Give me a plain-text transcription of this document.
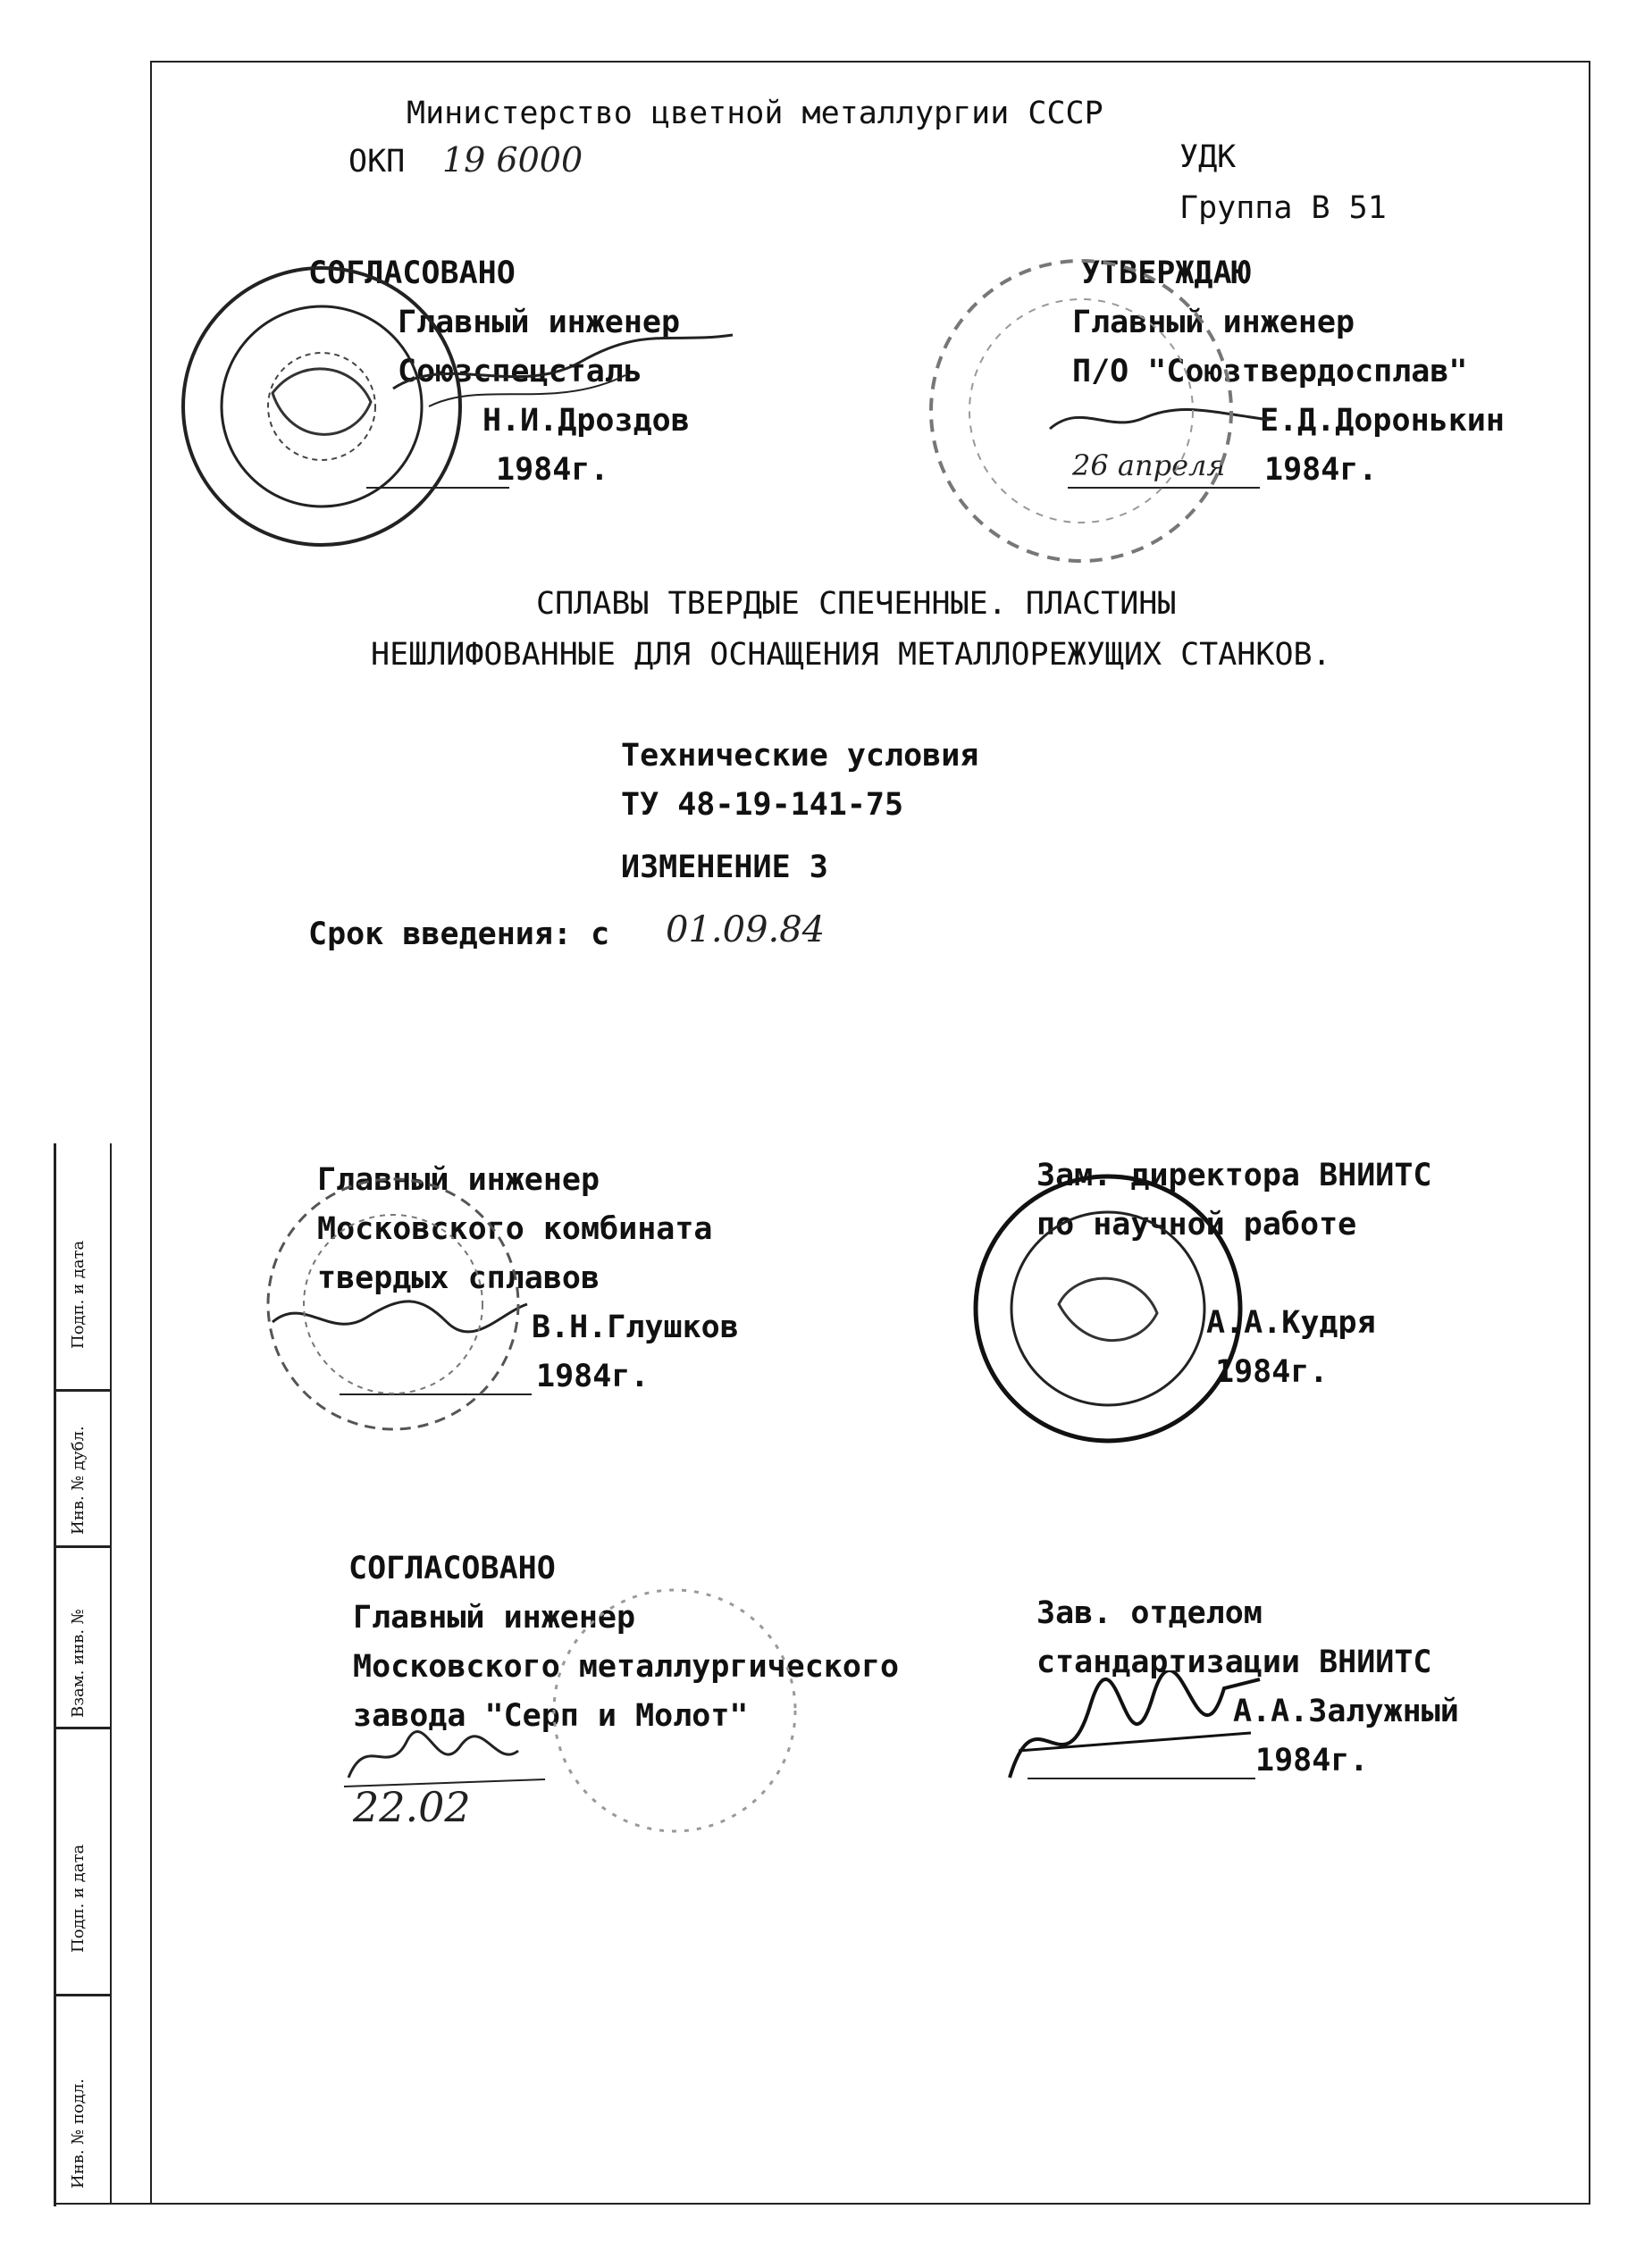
Министерство цветной металлургии СССР
ОКП 19 6000	УДК
Группа В 51
СОГЛАСОВАНО
Главный инженер
Союзспецсталь
Н.И.Дроздов
1984г.
УТВЕРЖДАЮ
Главный инженер
П/О "Союзтвердосплав"
Е.Д.Доронькин
26 апреля 1984г.
СПЛАВЫ ТВЕРДЫЕ СПЕЧЕННЫЕ. ПЛАСТИНЫ
НЕШЛИФОВАННЫЕ ДЛЯ ОСНАЩЕНИЯ МЕТАЛЛОРЕЖУЩИХ СТАНКОВ.
Технические условия
ТУ 48-19-141-75
ИЗМЕНЕНИЕ 3
Срок введения: с 01.09.84
Главный инженер
Московского комбината
твердых сплавов
В.Н.Глушков
1984г.
Зам. директора ВНИИТС
по научной работе
А.А.Кудря
1984г.
СОГЛАСОВАНО
Главный инженер
Московского металлургического
завода "Серп и Молот"
22.02
Зав. отделом
стандартизации ВНИИТС
А.А.Залужный
1984г.
Подп. и дата
Инв. № дубл.
Взам. инв. №
Подп. и дата
Инв. № подл.
